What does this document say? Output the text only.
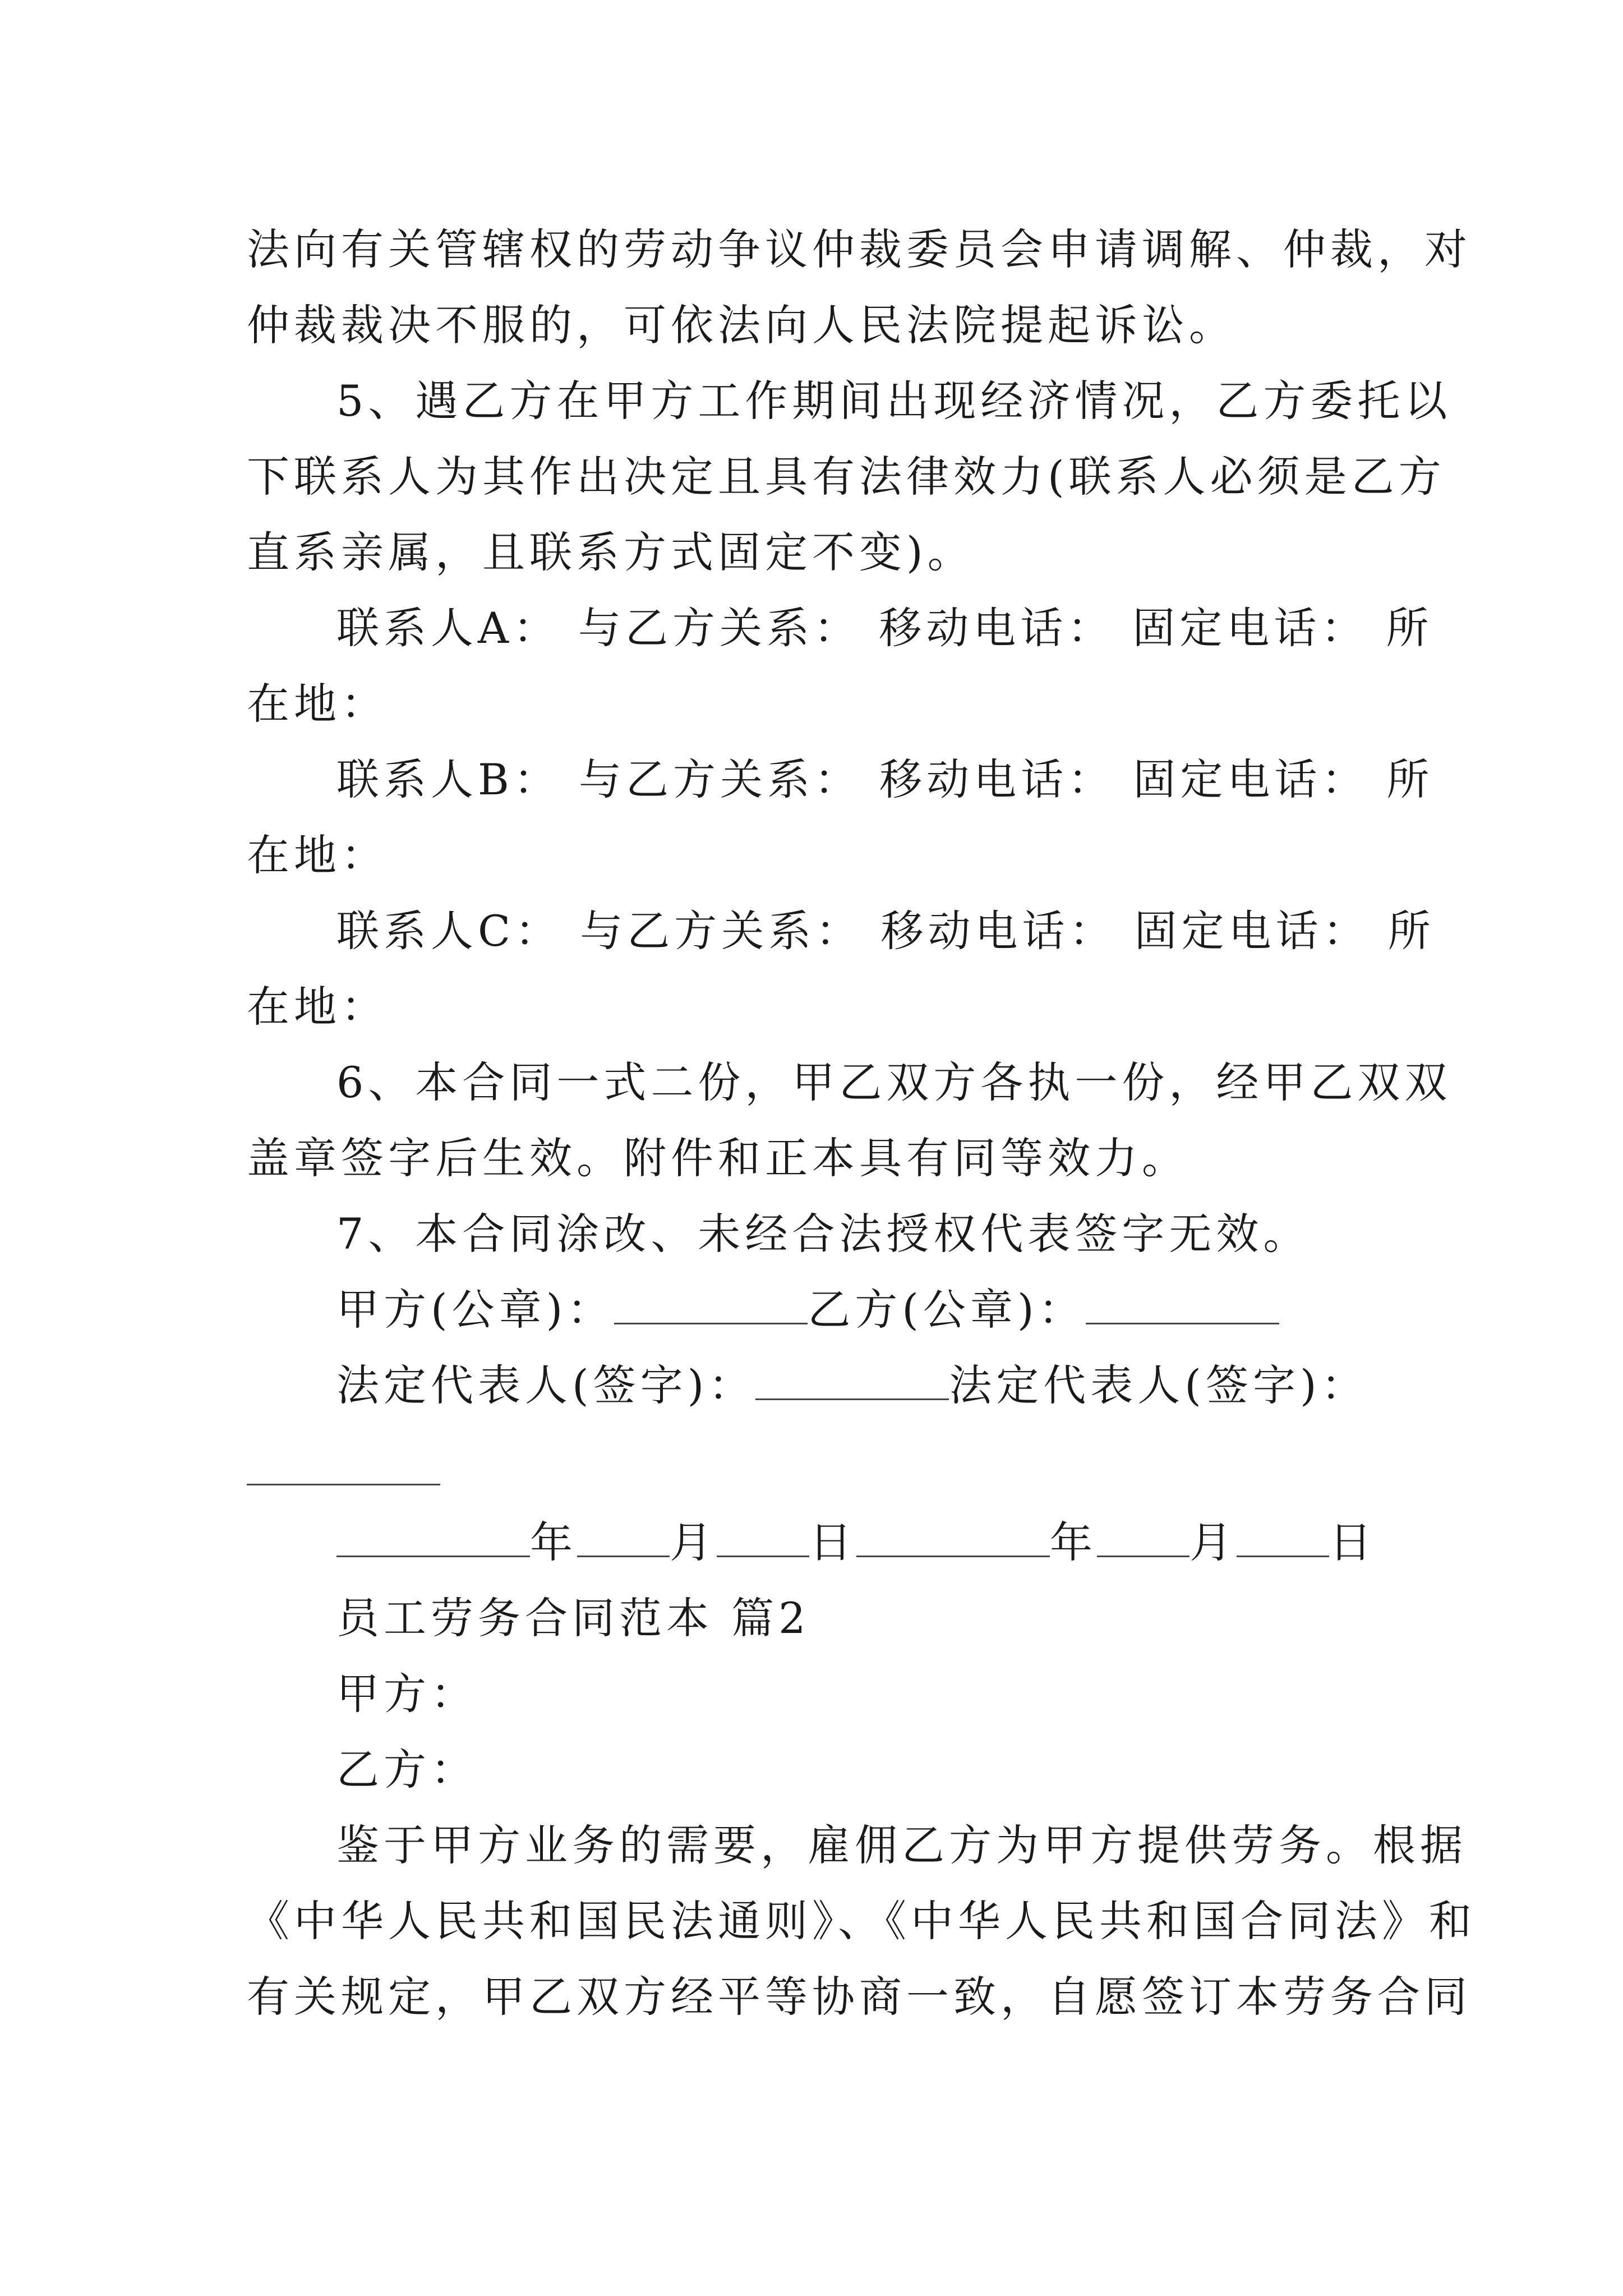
法向有关管辖权的劳动争议仲裁委员会申请调解、仲裁，对
仲裁裁决不服的，可依法向人民法院提起诉讼。
5、遇乙方在甲方工作期间出现经济情况，乙方委托以
下联系人为其作出决定且具有法律效力(联系人必须是乙方
直系亲属，且联系方式固定不变)。
联系人A： 与乙方关系： 移动电话： 固定电话： 所
在地：
联系人B： 与乙方关系： 移动电话： 固定电话： 所
在地：
联系人C： 与乙方关系： 移动电话： 固定电话： 所
在地：
6、本合同一式二份，甲乙双方各执一份，经甲乙双双
盖章签字后生效。附件和正本具有同等效力。
7、本合同涂改、未经合法授权代表签字无效。
甲方(公章)：	乙方(公章)：
法定代表人(签字)：	法定代表人(签字)：
年 月 日	年 月 日
员工劳务合同范本 篇2
甲方：
乙方：
鉴于甲方业务的需要，雇佣乙方为甲方提供劳务。根据
《中华人民共和国民法通则》、《中华人民共和国合同法》和
有关规定，甲乙双方经平等协商一致，自愿签订本劳务合同
